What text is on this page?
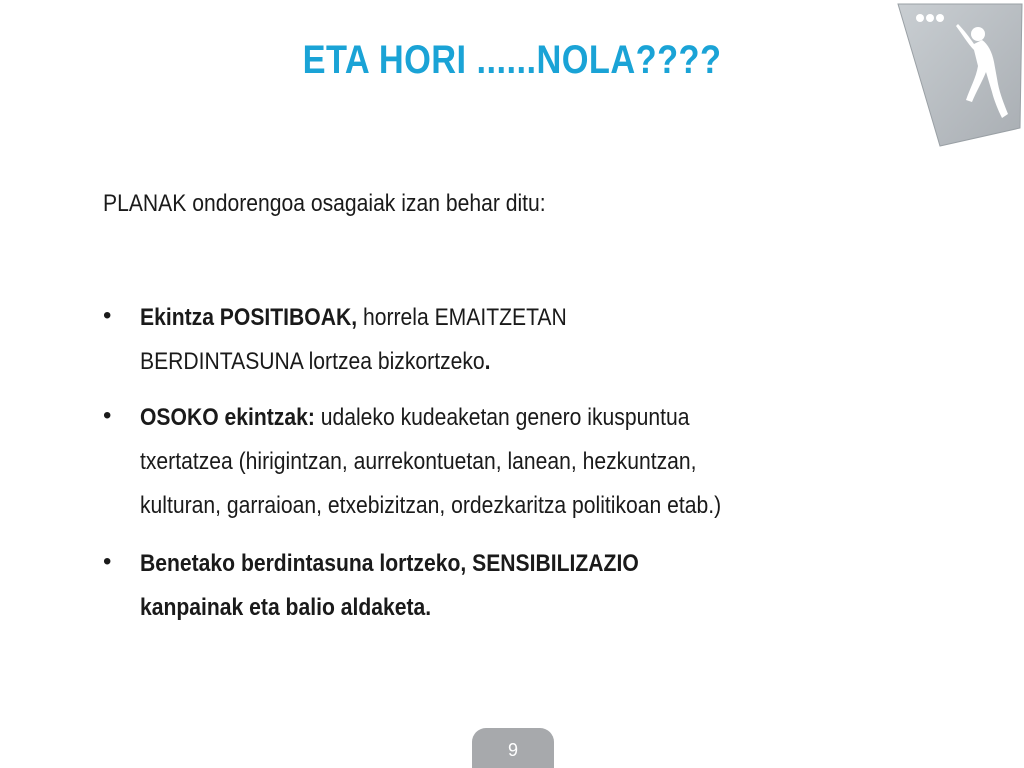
ETA HORI ......NOLA????

PLANAK ondorengoa osagaiak izan behar ditu:

•	Ekintza POSITIBOAK, horrela EMAITZETAN
BERDINTASUNA lortzea bizkortzeko.
•	OSOKO ekintzak: udaleko kudeaketan genero ikuspuntua
txertatzea (hirigintzan, aurrekontuetan, lanean, hezkuntzan,
kulturan, garraioan, etxebizitzan, ordezkaritza politikoan etab.)
•	Benetako berdintasuna lortzeko, SENSIBILIZAZIO
kanpainak eta balio aldaketa.
9
